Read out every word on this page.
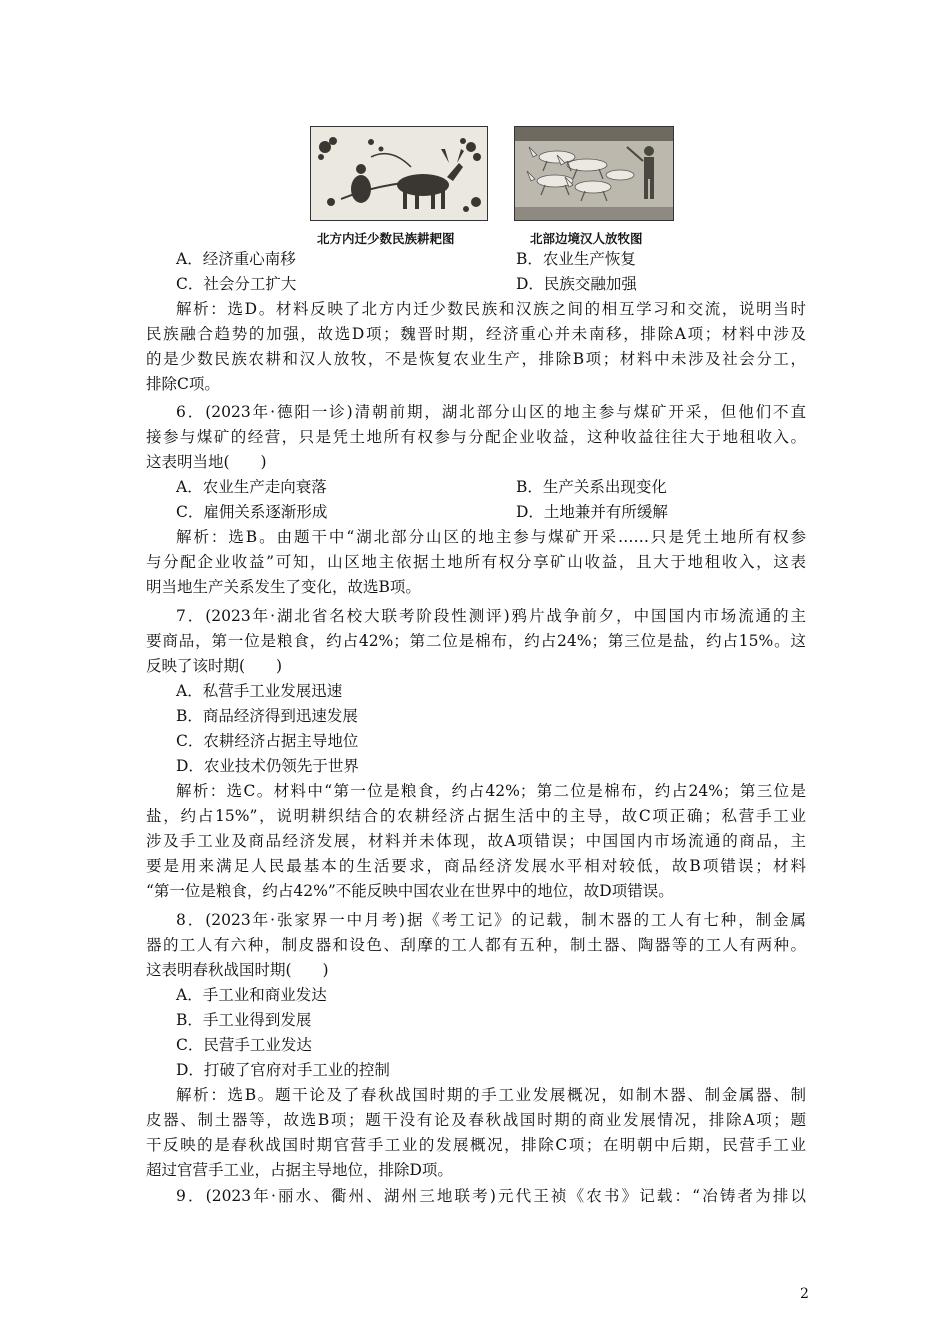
北方内迁少数民族耕耙图	北部边境汉人放牧图
A．经济重心南移	B．农业生产恢复
C．社会分工扩大	D．民族交融加强
解析：选D。材料反映了北方内迁少数民族和汉族之间的相互学习和交流，说明当时
民族融合趋势的加强，故选D项；魏晋时期，经济重心并未南移，排除A项；材料中涉及
的是少数民族农耕和汉人放牧，不是恢复农业生产，排除B项；材料中未涉及社会分工，
排除C项。
6．(2023年·德阳一诊)清朝前期，湖北部分山区的地主参与煤矿开采，但他们不直
接参与煤矿的经营，只是凭土地所有权参与分配企业收益，这种收益往往大于地租收入。
这表明当地(　　)
A．农业生产走向衰落	B．生产关系出现变化
C．雇佣关系逐渐形成	D．土地兼并有所缓解
解析：选B。由题干中“湖北部分山区的地主参与煤矿开采……只是凭土地所有权参
与分配企业收益”可知，山区地主依据土地所有权分享矿山收益，且大于地租收入，这表
明当地生产关系发生了变化，故选B项。
7．(2023年·湖北省名校大联考阶段性测评)鸦片战争前夕，中国国内市场流通的主
要商品，第一位是粮食，约占42%；第二位是棉布，约占24%；第三位是盐，约占15%。这
反映了该时期(　　)
A．私营手工业发展迅速
B．商品经济得到迅速发展
C．农耕经济占据主导地位
D．农业技术仍领先于世界
解析：选C。材料中“第一位是粮食，约占42%；第二位是棉布，约占24%；第三位是
盐，约占15%”，说明耕织结合的农耕经济占据生活中的主导，故C项正确；私营手工业
涉及手工业及商品经济发展，材料并未体现，故A项错误；中国国内市场流通的商品，主
要是用来满足人民最基本的生活要求，商品经济发展水平相对较低，故B项错误；材料
“第一位是粮食，约占42%”不能反映中国农业在世界中的地位，故D项错误。
8．(2023年·张家界一中月考)据《考工记》的记载，制木器的工人有七种，制金属
器的工人有六种，制皮器和设色、刮摩的工人都有五种，制土器、陶器等的工人有两种。
这表明春秋战国时期(　　)
A．手工业和商业发达
B．手工业得到发展
C．民营手工业发达
D．打破了官府对手工业的控制
解析：选B。题干论及了春秋战国时期的手工业发展概况，如制木器、制金属器、制
皮器、制土器等，故选B项；题干没有论及春秋战国时期的商业发展情况，排除A项；题
干反映的是春秋战国时期官营手工业的发展概况，排除C项；在明朝中后期，民营手工业
超过官营手工业，占据主导地位，排除D项。
9．(2023年·丽水、衢州、湖州三地联考)元代王祯《农书》记载：“冶铸者为排以
2
